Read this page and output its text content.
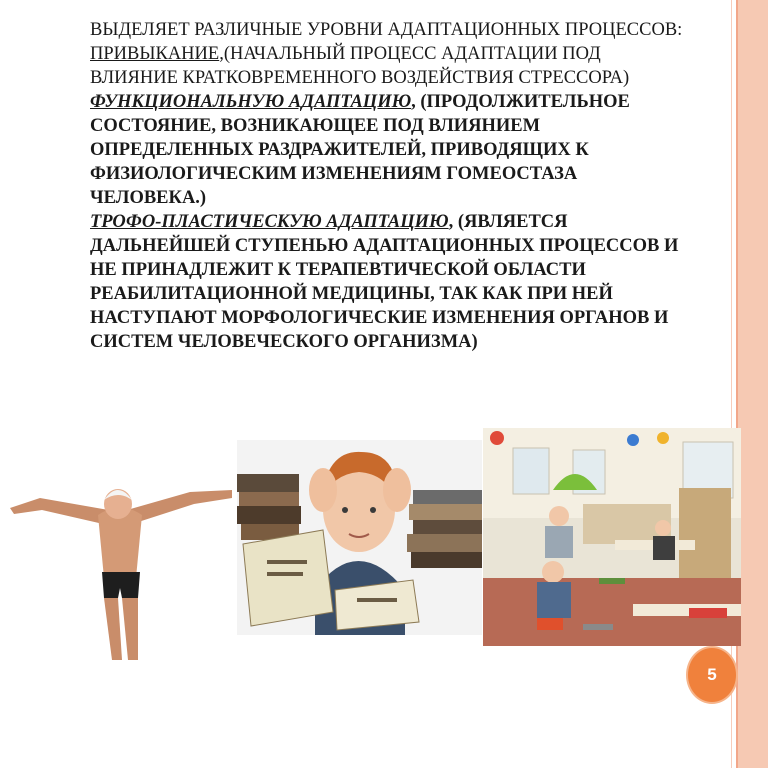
ВЫДЕЛЯЕТ РАЗЛИЧНЫЕ УРОВНИ АДАПТАЦИОННЫХ ПРОЦЕССОВ:

ПРИВЫКАНИЕ,(НАЧАЛЬНЫЙ ПРОЦЕСС АДАПТАЦИИ ПОД ВЛИЯНИЕ КРАТКОВРЕМЕННОГО ВОЗДЕЙСТВИЯ СТРЕССОРА)

ФУНКЦИОНАЛЬНУЮ АДАПТАЦИЮ, (ПРОДОЛЖИТЕЛЬНОЕ СОСТОЯНИЕ, ВОЗНИКАЮЩЕЕ ПОД ВЛИЯНИЕМ ОПРЕДЕЛЕННЫХ РАЗДРАЖИТЕЛЕЙ, ПРИВОДЯЩИХ К ФИЗИОЛОГИЧЕСКИМ ИЗМЕНЕНИЯМ ГОМЕОСТАЗА ЧЕЛОВЕКА.)

ТРОФО-ПЛАСТИЧЕСКУЮ АДАПТАЦИЮ, (ЯВЛЯЕТСЯ ДАЛЬНЕЙШЕЙ СТУПЕНЬЮ АДАПТАЦИОННЫХ ПРОЦЕССОВ И НЕ ПРИНАДЛЕЖИТ К ТЕРАПЕВТИЧЕСКОЙ ОБЛАСТИ РЕАБИЛИТАЦИОННОЙ МЕДИЦИНЫ, ТАК КАК ПРИ НЕЙ НАСТУПАЮТ МОРФОЛОГИЧЕСКИЕ ИЗМЕНЕНИЯ ОРГАНОВ И СИСТЕМ ЧЕЛОВЕЧЕСКОГО ОРГАНИЗМА)

5
